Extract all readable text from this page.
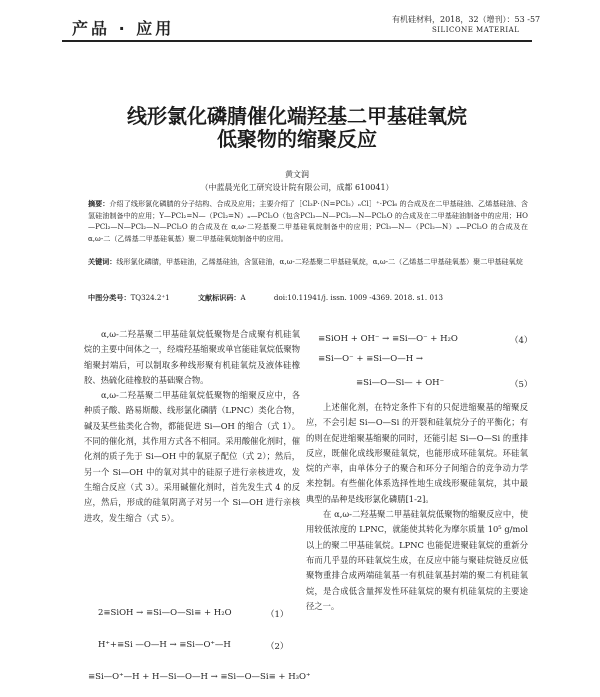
产品 · 应用	有机硅材料，2018，32（增刊）：53 -57
SILICONE MATERIAL
线形氯化磷腈催化端羟基二甲基硅氧烷
低聚物的缩聚反应
黄文润
（中蓝晨光化工研究设计院有限公司，成都 610041）
摘要：介绍了线形氯化磷腈的分子结构、合成及应用；主要介绍了［Cl₃P·（N=PCl₂）ₙCl］⁺·PCl₆ 的合成及在二甲基硅油、乙烯基硅油、含氢硅油制备中的应用；Y—PCl₂=N—（PCl₂=N）ₙ—PCl₂O（包含PCl₃—N—PCl₂—N—PCl₂O 的合成及在二甲基硅油制备中的应用；HO—PCl₂—N—PCl₂—N—PCl₂O 的合成及在 α,ω-二羟基聚二甲基硅氧烷制备中的应用；PCl₃—N—（PCl₂—N）ₙ—PCl₂O 的合成及在 α,ω-二（乙烯基二甲基硅氧基）聚二甲基硅氧烷制备中的应用。
关键词：线形氯化磷腈，甲基硅油，乙烯基硅油，含氢硅油，α,ω-二羟基聚二甲基硅氧烷，α,ω-二（乙烯基二甲基硅氧基）聚二甲基硅氧烷
中图分类号：TQ324.2⁺1	文献标识码：A	doi:10.11941/j. issn. 1009 -4369. 2018. s1. 013

α,ω-二羟基聚二甲基硅氧烷低聚物是合成聚有机硅氧烷的主要中间体之一，经端羟基缩聚或单官能硅氧烷低聚物缩聚封端后，可以制取多种线形聚有机硅氧烷及液体硅橡胶、热硫化硅橡胶的基础聚合物。

α,ω-二羟基聚二甲基硅氧烷低聚物的缩聚反应中，各种质子酸、路易斯酸、线形氯化磷腈（LPNC）类化合物，碱及某些盐类化合物，都能促进 Si—OH 的缩合（式 1）。不同的催化剂，其作用方式各不相同。采用酸催化剂时，催化剂的质子先于 Si—OH 中的氧原子配位（式 2）；然后，另一个 Si—OH 中的氧对其中的硅原子进行亲核进攻，发生缩合反应（式 3）。采用碱催化剂时，首先发生式 4 的反应，然后，形成的硅氧阴离子对另一个 Si—OH 进行亲核进攻，发生缩合（式 5）。

2≡SiOH → ≡Si—O—Si≡ + H₂O	（1）
H⁺+≡Si —O—H → ≡Si—O⁺—H	（2）
≡Si—O⁺—H + H—Si—O—H → ≡Si—O—Si≡ + H₃O⁺
≡SiOH + OH⁻ → ≡Si—O⁻ + H₂O	（4）
≡Si—O⁻ + ≡Si—O—H →
≡Si—O—Si— + OH⁻	（5）

上述催化剂，在特定条件下有的只促进缩聚基的缩聚反应，不会引起 Si—O—Si 的开裂和硅氧烷分子的平衡化；有的则在促进缩聚基缩聚的同时，还能引起 Si—O—Si 的重排反应，既催化成线形聚硅氧烷，也能形成环硅氧烷。环硅氧烷的产率，由单体分子的聚合和环分子间缩合的竞争动力学来控制。有些催化体系选择性地生成线形聚硅氧烷，其中最典型的品种是线形氯化磷腈[1-2]。

在 α,ω-二羟基聚二甲基硅氧烷低聚物的缩聚反应中，使用较低浓度的 LPNC，就能使其转化为摩尔质量 10⁵ g/mol 以上的聚二甲基硅氧烷。LPNC 也能促进聚硅氧烷的重新分布而几乎显的环硅氧烷生成，在反应中能与聚硅烷链反应低聚物重排合成两端硅氧基一有机硅氧基封端的聚二有机硅氧烷，是合成低含量挥发性环硅氧烷的聚有机硅氧烷的主要途径之一。
